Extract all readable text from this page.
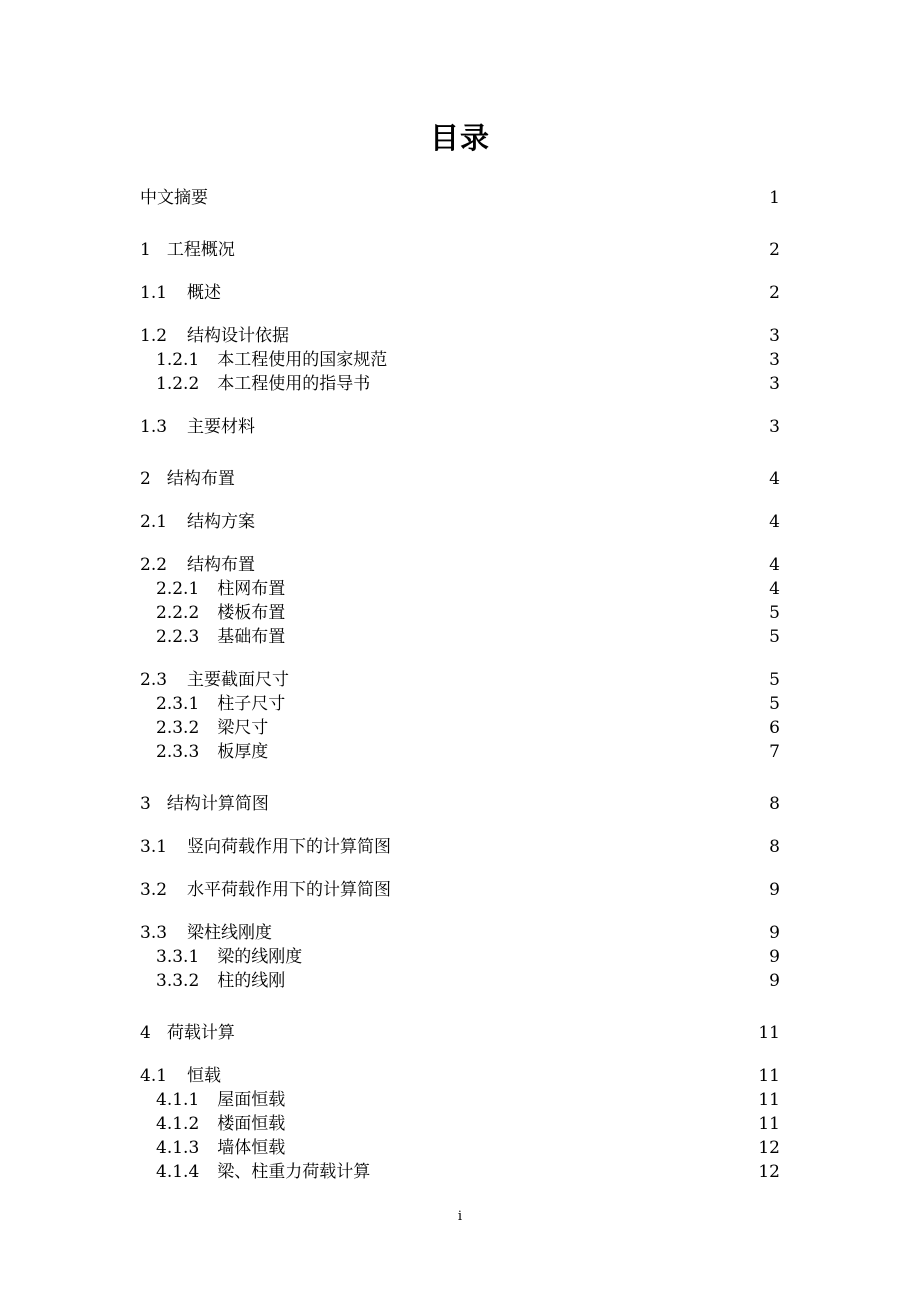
目录
中文摘要	1
1 工程概况	2
1.1 概述	2
1.2 结构设计依据	3
1.2.1 本工程使用的国家规范	3
1.2.2 本工程使用的指导书	3
1.3 主要材料	3
2 结构布置	4
2.1 结构方案	4
2.2 结构布置	4
2.2.1 柱网布置	4
2.2.2 楼板布置	5
2.2.3 基础布置	5
2.3 主要截面尺寸	5
2.3.1 柱子尺寸	5
2.3.2 梁尺寸	6
2.3.3 板厚度	7
3 结构计算简图	8
3.1 竖向荷载作用下的计算简图	8
3.2 水平荷载作用下的计算简图	9
3.3 梁柱线刚度	9
3.3.1 梁的线刚度	9
3.3.2 柱的线刚	9
4 荷载计算	11
4.1 恒载	11
4.1.1 屋面恒载	11
4.1.2 楼面恒载	11
4.1.3 墙体恒载	12
4.1.4 梁、柱重力荷载计算	12
i
